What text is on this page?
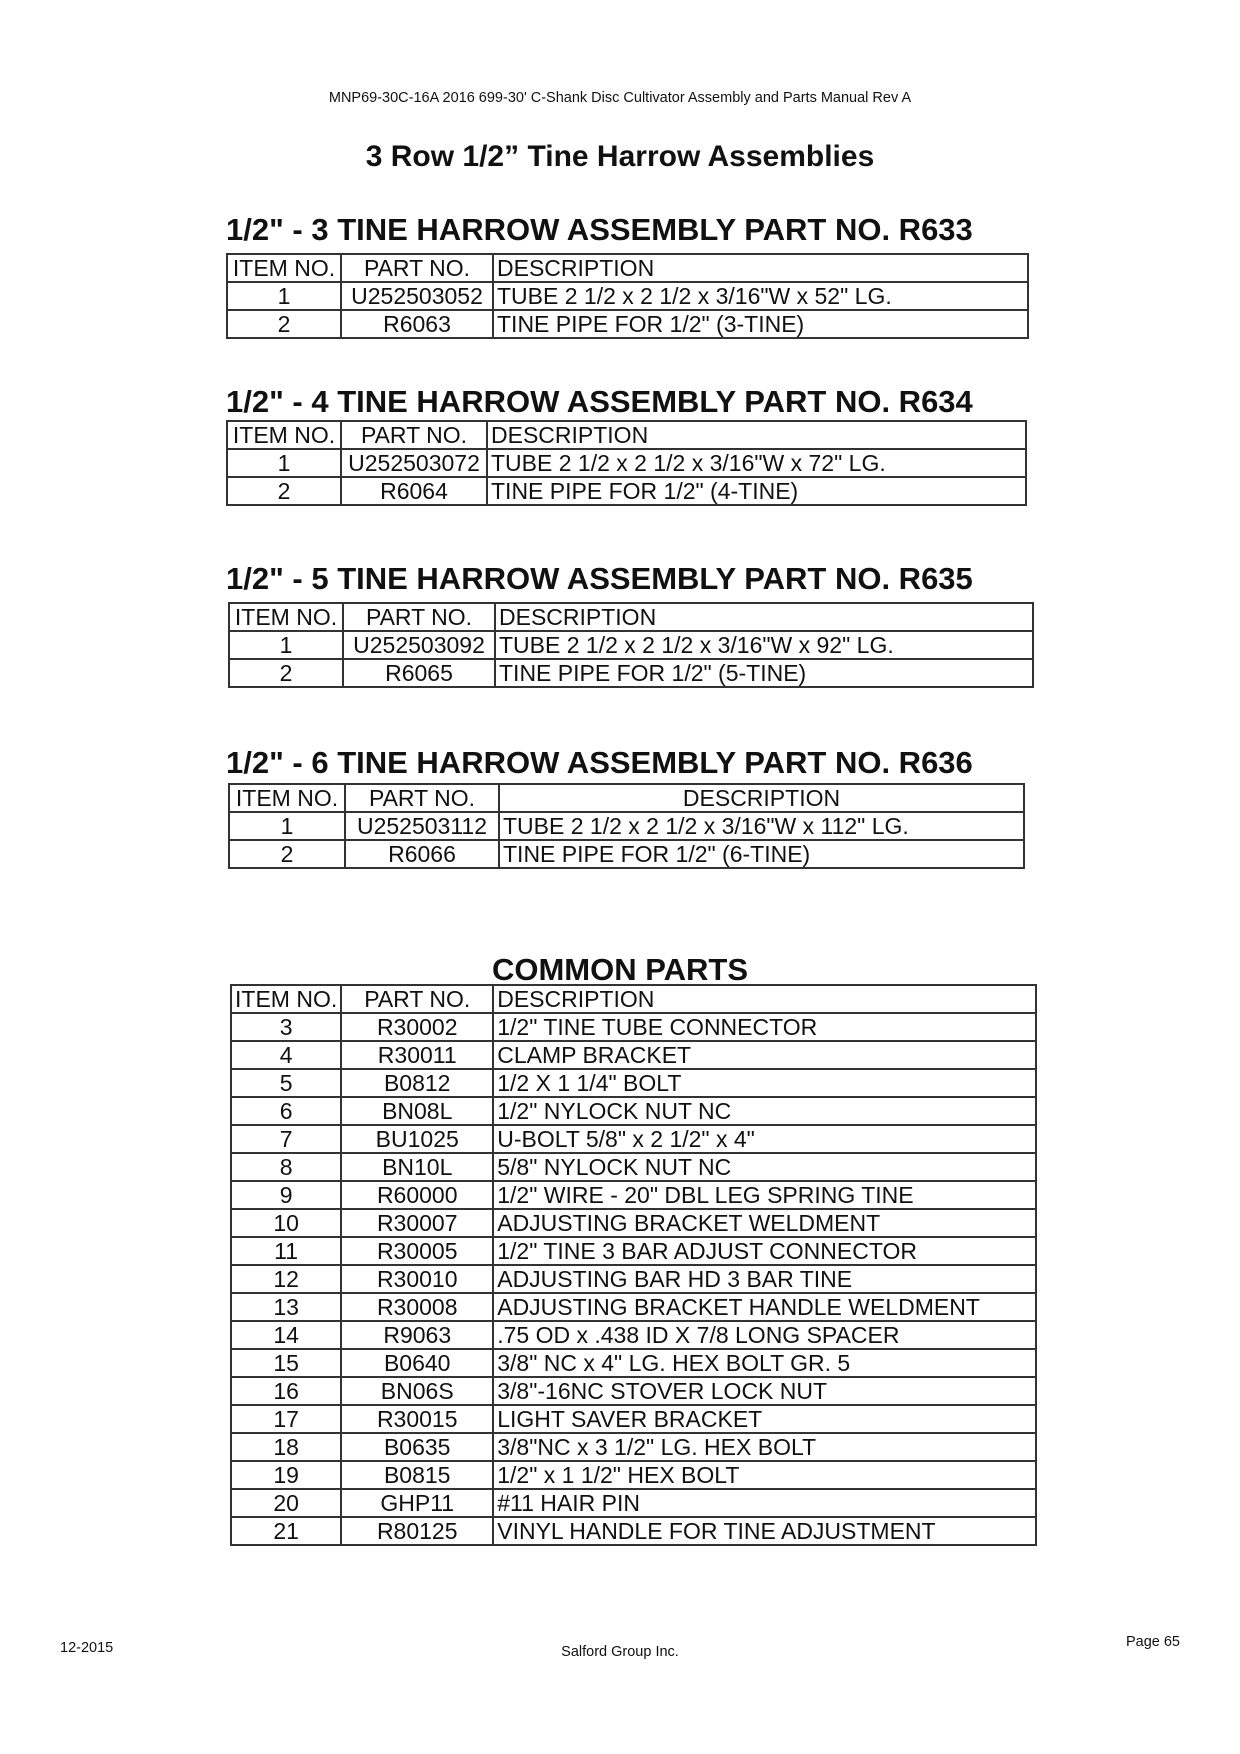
MNP69-30C-16A 2016 699-30' C-Shank Disc Cultivator Assembly and Parts Manual Rev A
3 Row 1/2” Tine Harrow Assemblies
1/2" - 3 TINE HARROW ASSEMBLY PART NO. R633
ITEM NO.	PART NO.	DESCRIPTION
1	U252503052	TUBE 2 1/2 x 2 1/2 x 3/16"W x 52" LG.
2	R6063	TINE PIPE FOR 1/2" (3-TINE)
1/2" - 4 TINE HARROW ASSEMBLY PART NO. R634
ITEM NO.	PART NO.	DESCRIPTION
1	U252503072	TUBE 2 1/2 x 2 1/2 x 3/16"W x 72" LG.
2	R6064	TINE PIPE FOR 1/2" (4-TINE)
1/2" - 5 TINE HARROW ASSEMBLY PART NO. R635
ITEM NO.	PART NO.	DESCRIPTION
1	U252503092	TUBE 2 1/2 x 2 1/2 x 3/16"W x 92" LG.
2	R6065	TINE PIPE FOR 1/2" (5-TINE)
1/2" - 6 TINE HARROW ASSEMBLY PART NO. R636
ITEM NO.	PART NO.	DESCRIPTION
1	U252503112	TUBE 2 1/2 x 2 1/2 x 3/16"W x 112" LG.
2	R6066	TINE PIPE FOR 1/2" (6-TINE)
COMMON PARTS
ITEM NO.	PART NO.	DESCRIPTION
3	R30002	1/2" TINE TUBE CONNECTOR
4	R30011	CLAMP BRACKET
5	B0812	1/2 X 1 1/4" BOLT
6	BN08L	1/2" NYLOCK NUT NC
7	BU1025	U-BOLT 5/8" x 2 1/2" x 4"
8	BN10L	5/8" NYLOCK NUT NC
9	R60000	1/2" WIRE - 20" DBL LEG SPRING TINE
10	R30007	ADJUSTING BRACKET WELDMENT
11	R30005	1/2" TINE 3 BAR ADJUST CONNECTOR
12	R30010	ADJUSTING BAR HD 3 BAR TINE
13	R30008	ADJUSTING BRACKET HANDLE WELDMENT
14	R9063	.75 OD x .438 ID X 7/8 LONG SPACER
15	B0640	3/8" NC x 4" LG. HEX BOLT GR. 5
16	BN06S	3/8"-16NC STOVER LOCK NUT
17	R30015	LIGHT SAVER BRACKET
18	B0635	3/8"NC x 3 1/2" LG. HEX BOLT
19	B0815	1/2" x 1 1/2" HEX BOLT
20	GHP11	#11 HAIR PIN
21	R80125	VINYL HANDLE FOR TINE ADJUSTMENT
12-2015	Salford Group Inc.
Page 65
